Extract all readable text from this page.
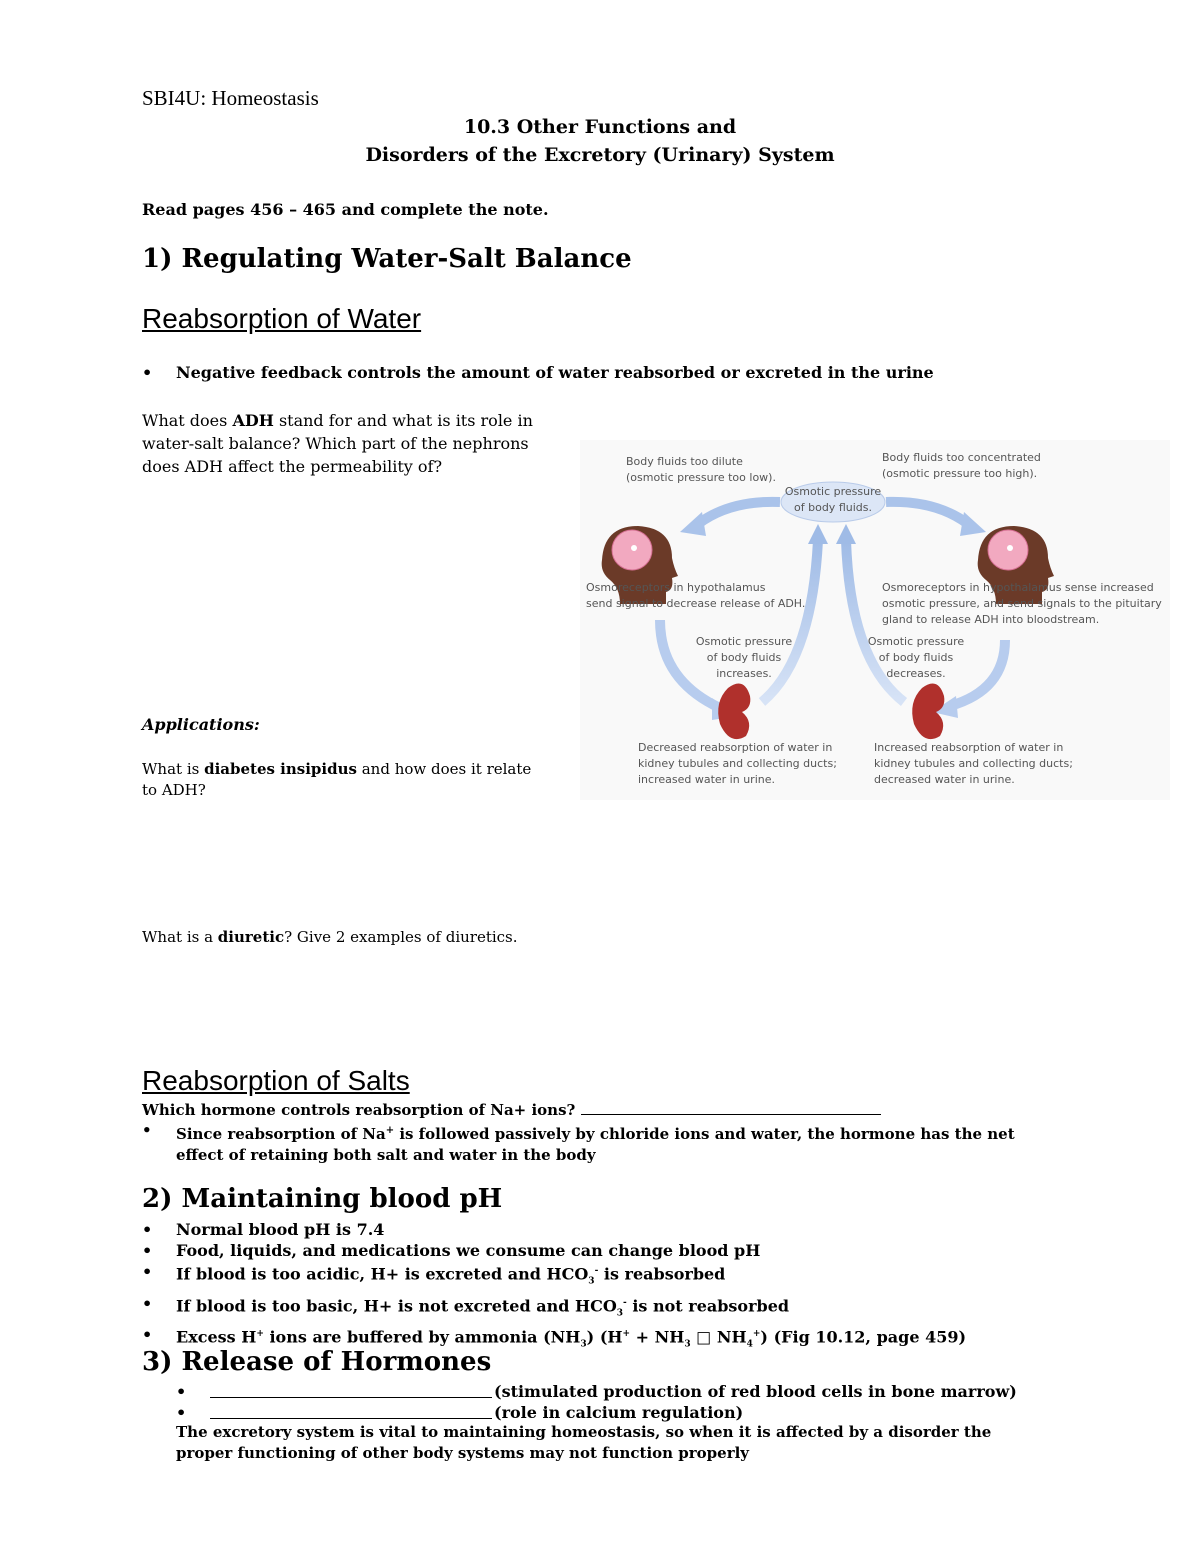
SBI4U: Homeostasis
10.3 Other Functions and
Disorders of the Excretory (Urinary) System
Read pages 456 – 465 and complete the note.
1) Regulating Water-Salt Balance
Reabsorption of Water
•	Negative feedback controls the amount of water reabsorbed or excreted in the urine
What does ADH stand for and what is its role in water-salt balance? Which part of the nephrons does ADH affect the permeability of?	Body fluids too dilute
(osmotic pressure too low).
Body fluids too concentrated
(osmotic pressure too high).
Osmotic pressure
of body fluids.
Osmoreceptors in hypothalamus
send signal to decrease release of ADH.
Osmoreceptors in hypothalamus sense increased
osmotic pressure, and send signals to the pituitary
gland to release ADH into bloodstream.
Osmotic pressure
of body fluids
increases.
Osmotic pressure
of body fluids
decreases.
Decreased reabsorption of water in
kidney tubules and collecting ducts;
increased water in urine.
Increased reabsorption of water in
kidney tubules and collecting ducts;
decreased water in urine.
Applications:
What is diabetes insipidus and how does it relate to ADH?
What is a diuretic? Give 2 examples of diuretics.
Reabsorption of Salts
Which hormone controls reabsorption of Na+ ions?
•	Since reabsorption of Na+ is followed passively by chloride ions and water, the hormone has the net effect of retaining both salt and water in the body
2) Maintaining blood pH
•	Normal blood pH is 7.4
•	Food, liquids, and medications we consume can change blood pH
•	If blood is too acidic, H+ is excreted and $HCO_3^-$ is reabsorbed
•	If blood is too basic, H+ is not excreted and $HCO_3^-$ is not reabsorbed
•	Excess H+ ions are buffered by ammonia $(NH_3) (H^+ + NH_3$ □ $NH_4^+$) (Fig 10.12, page 459)
3) Release of Hormones
•	(stimulated production of red blood cells in bone marrow)
•	(role in calcium regulation)
The excretory system is vital to maintaining homeostasis, so when it is affected by a disorder the proper functioning of other body systems may not function properly
